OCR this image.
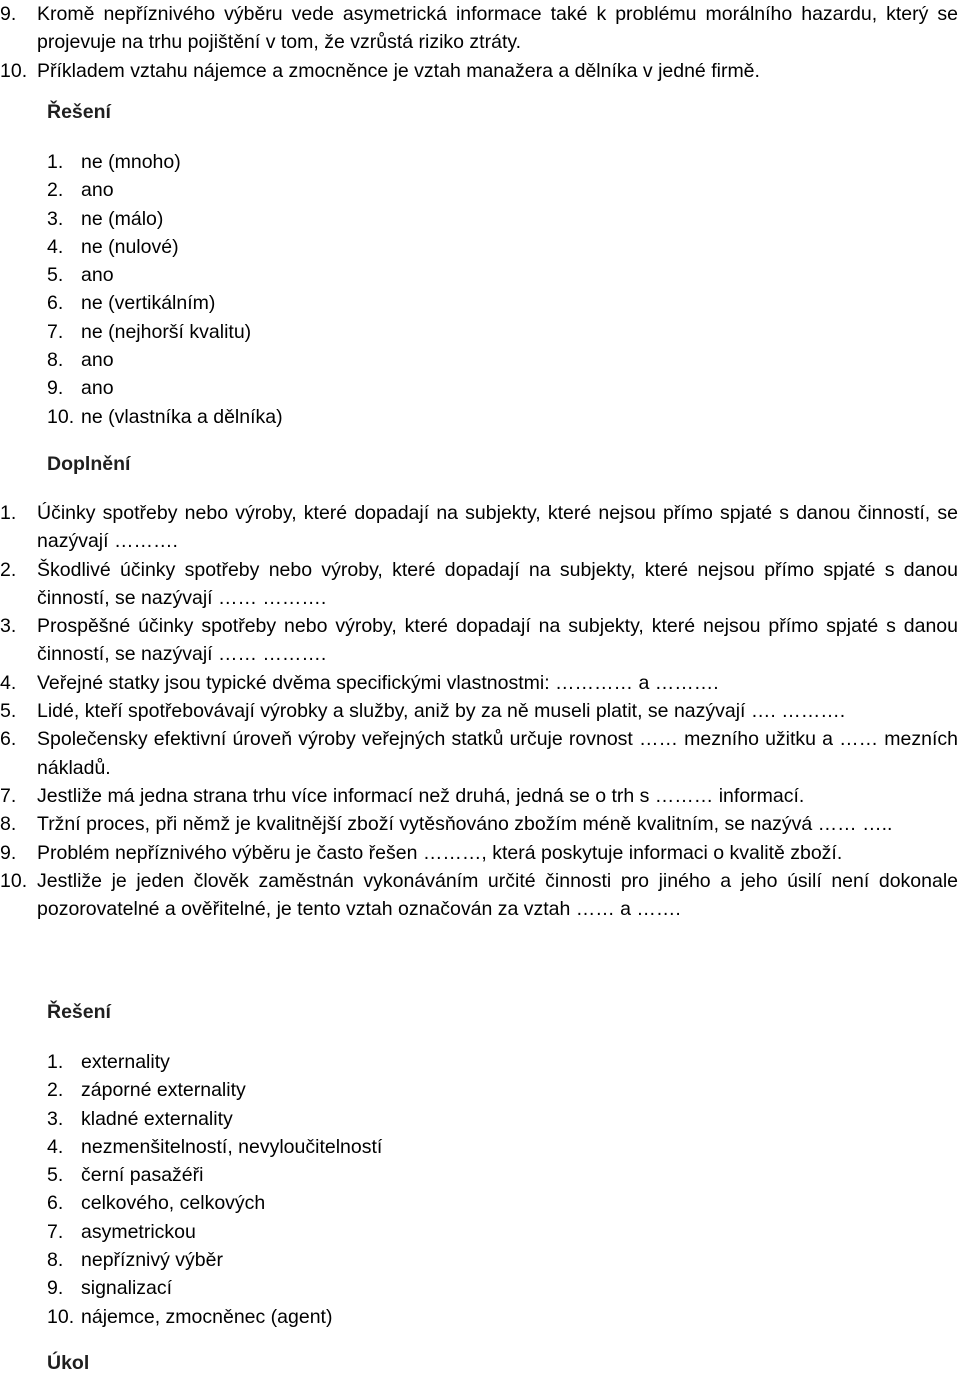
9. Kromě nepříznivého výběru vede asymetrická informace také k problému morálního hazardu, který se projevuje na trhu pojištění v tom, že vzrůstá riziko ztráty.
10. Příkladem vztahu nájemce a zmocněnce je vztah manažera a dělníka v jedné firmě.
Řešení
1. ne (mnoho)
2. ano
3. ne (málo)
4. ne (nulové)
5. ano
6. ne (vertikálním)
7. ne (nejhorší kvalitu)
8. ano
9. ano
10. ne (vlastníka a dělníka)
Doplnění
1. Účinky spotřeby nebo výroby, které dopadají na subjekty, které nejsou přímo spjaté s danou činností, se nazývají ……….
2. Škodlivé účinky spotřeby nebo výroby, které dopadají na subjekty, které nejsou přímo spjaté s danou činností, se nazývají …… ……….
3. Prospěšné účinky spotřeby nebo výroby, které dopadají na subjekty, které nejsou přímo spjaté s danou činností, se nazývají …… ……….
4. Veřejné statky jsou typické dvěma specifickými vlastnostmi: ………… a ……….
5. Lidé, kteří spotřebovávají výrobky a služby, aniž by za ně museli platit, se nazývají …. ……….
6. Společensky efektivní úroveň výroby veřejných statků určuje rovnost …… mezního užitku a …… mezních nákladů.
7. Jestliže má jedna strana trhu více informací než druhá, jedná se o trh s ……… informací.
8. Tržní proces, při němž je kvalitnější zboží vytěsňováno zbožím méně kvalitním, se nazývá …… …..
9. Problém nepříznivého výběru je často řešen ………, která poskytuje informaci o kvalitě zboží.
10. Jestliže je jeden člověk zaměstnán vykonáváním určité činnosti pro jiného a jeho úsilí není dokonale pozorovatelné a ověřitelné, je tento vztah označován za vztah …… a …….
Řešení
1. externality
2. záporné externality
3. kladné externality
4. nezmenšitelností, nevyloučitelností
5. černí pasažéři
6. celkového, celkových
7. asymetrickou
8. nepříznivý výběr
9. signalizací
10. nájemce, zmocněnec (agent)
Úkol
